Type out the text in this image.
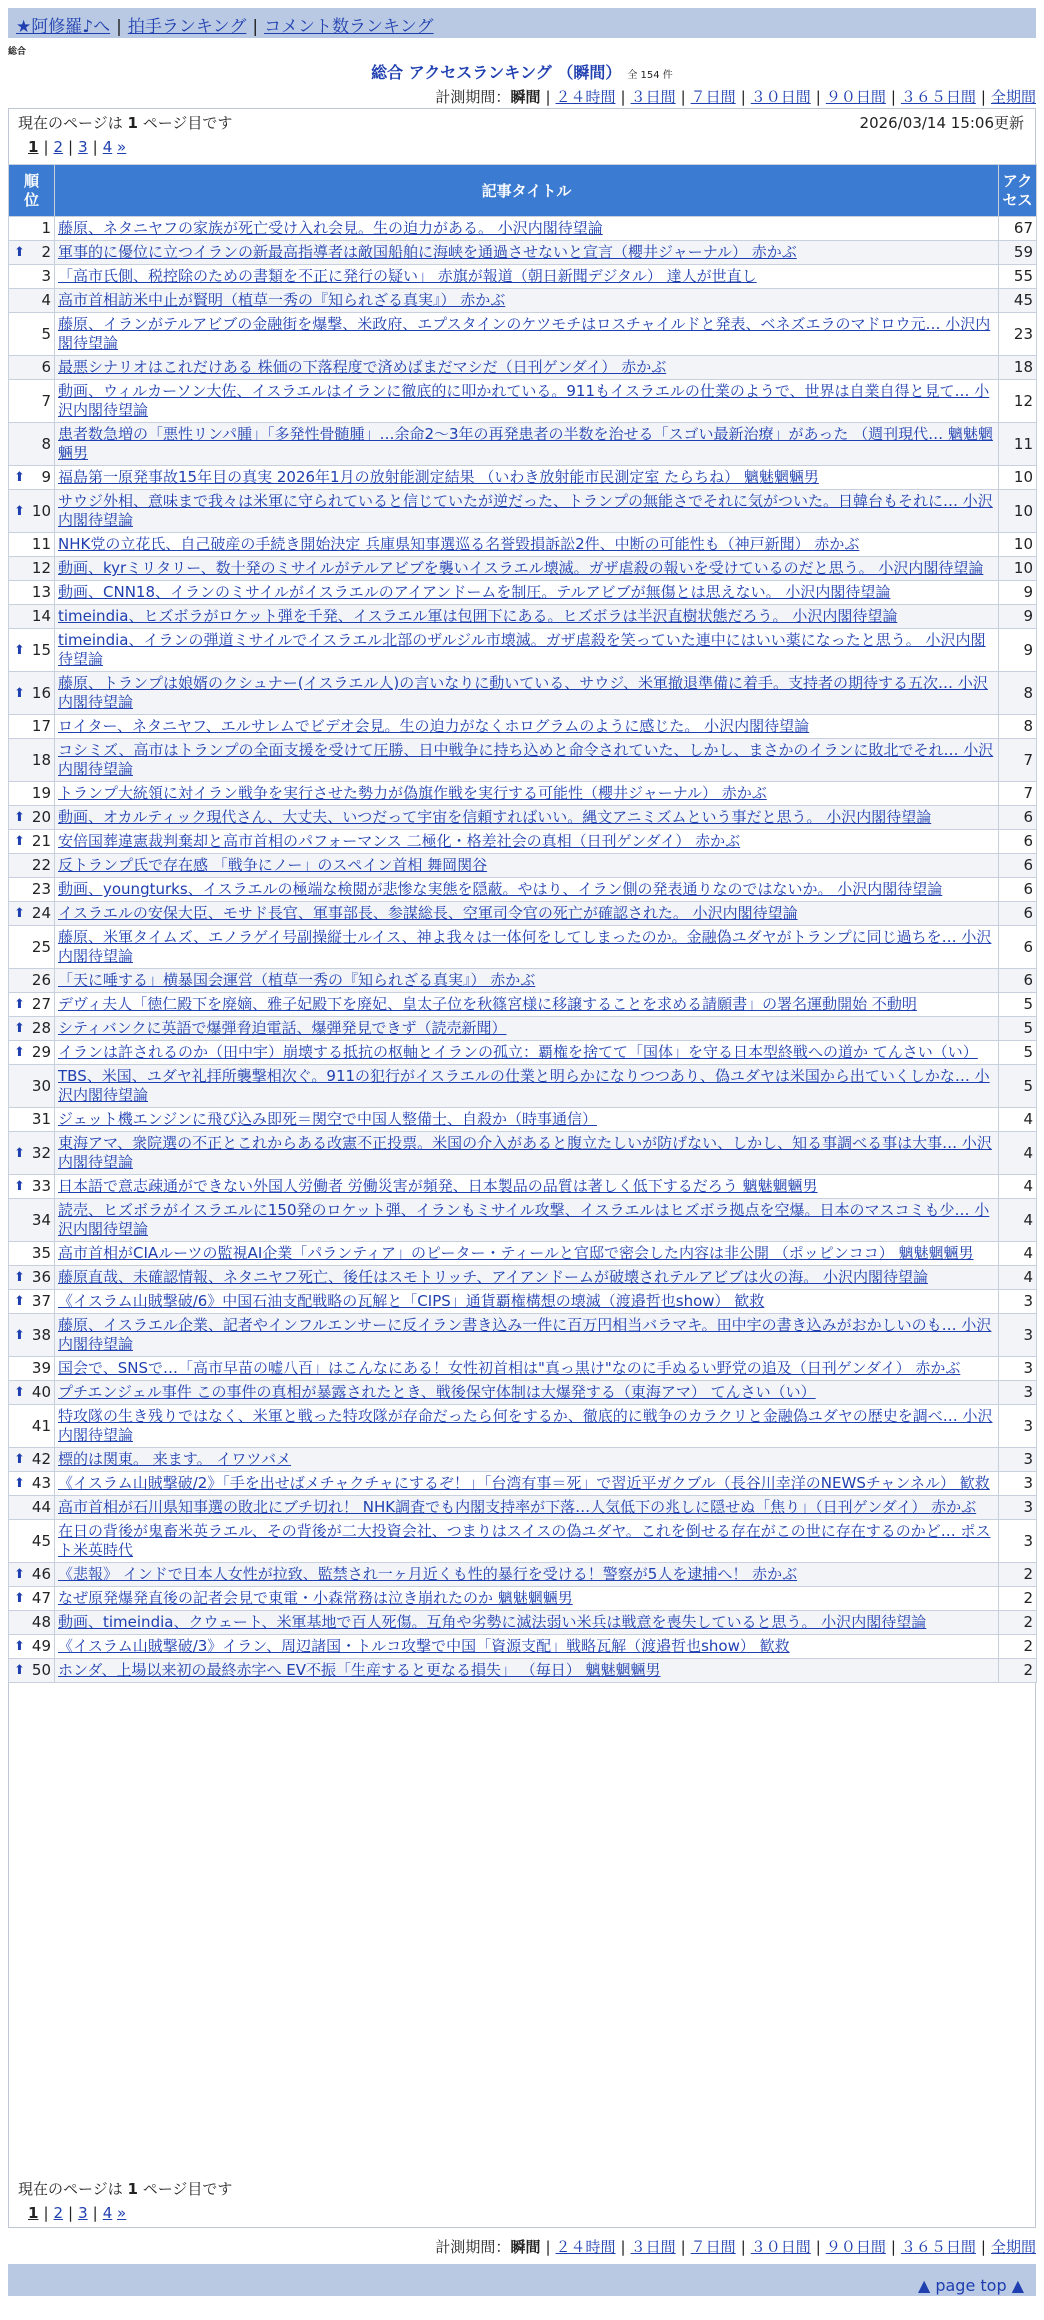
★阿修羅♪へ | 拍手ランキング | コメント数ランキング
総合
総合 アクセスランキング （瞬間） 全 154 件
計測期間：瞬間 | ２４時間 | ３日間 | ７日間 | ３０日間 | ９０日間 | ３６５日間 | 全期間
現在のページは 1 ページ目です	2026/03/14 15:06更新
1 | 2 | 3 | 4 »
順位	記事タイトル	アクセス
1	藤原、ネタニヤフの家族が死亡受け入れ会見。生の迫力がある。 小沢内閣待望論	67

⬆ 2	軍事的に優位に立つイランの新最高指導者は敵国船舶に海峡を通過させないと宣言（櫻井ジャーナル） 赤かぶ	59
3	「高市氏側、税控除のための書類を不正に発行の疑い」 赤旗が報道（朝日新聞デジタル） 達人が世直し	55
4	高市首相訪米中止が賢明（植草一秀の『知られざる真実』） 赤かぶ	45
5	藤原、イランがテルアビブの金融街を爆撃、米政府、エプスタインのケツモチはロスチャイルドと発表、ベネズエラのマドロウ元… 小沢内閣待望論	23
6	最悪シナリオはこれだけある 株価の下落程度で済めばまだマシだ（日刊ゲンダイ） 赤かぶ	18
7	動画、ウィルカーソン大佐、イスラエルはイランに徹底的に叩かれている。911もイスラエルの仕業のようで、世界は自業自得と見て… 小沢内閣待望論	12
8	患者数急増の「悪性リンパ腫」「多発性骨髄腫」…余命2〜3年の再発患者の半数を治せる「スゴい最新治療」があった （週刊現代… 魑魅魍魎男	11

⬆ 9	福島第一原発事故15年目の真実 2026年1月の放射能測定結果 （いわき放射能市民測定室 たらちね） 魑魅魍魎男	10

⬆ 10	サウジ外相、意味まで我々は米軍に守られていると信じていたが逆だった、トランプの無能さでそれに気がついた。日韓台もそれに… 小沢内閣待望論	10
11	NHK党の立花氏、自己破産の手続き開始決定 兵庫県知事選巡る名誉毀損訴訟2件、中断の可能性も（神戸新聞） 赤かぶ	10
12	動画、kyrミリタリー、数十発のミサイルがテルアビブを襲いイスラエル壊滅。ガザ虐殺の報いを受けているのだと思う。 小沢内閣待望論	10
13	動画、CNN18、イランのミサイルがイスラエルのアイアンドームを制圧。テルアビブが無傷とは思えない。 小沢内閣待望論	9
14	timeindia、ヒズボラがロケット弾を千発、イスラエル軍は包囲下にある。ヒズボラは半沢直樹状態だろう。 小沢内閣待望論	9

⬆ 15	timeindia、イランの弾道ミサイルでイスラエル北部のザルジル市壊滅。ガザ虐殺を笑っていた連中にはいい薬になったと思う。 小沢内閣待望論	9

⬆ 16	藤原、トランプは娘婿のクシュナー(イスラエル人)の言いなりに動いている、サウジ、米軍撤退準備に着手。支持者の期待する五次… 小沢内閣待望論	8
17	ロイター、ネタニヤフ、エルサレムでビデオ会見。生の迫力がなくホログラムのように感じた。 小沢内閣待望論	8
18	コシミズ、高市はトランプの全面支援を受けて圧勝、日中戦争に持ち込めと命令されていた、しかし、まさかのイランに敗北でそれ… 小沢内閣待望論	7
19	トランプ大統領に対イラン戦争を実行させた勢力が偽旗作戦を実行する可能性（櫻井ジャーナル） 赤かぶ	7

⬆ 20	動画、オカルティック現代さん、大丈夫、いつだって宇宙を信頼すればいい。縄文アニミズムという事だと思う。 小沢内閣待望論	6

⬆ 21	安倍国葬違憲裁判棄却と高市首相のパフォーマンス 二極化・格差社会の真相（日刊ゲンダイ） 赤かぶ	6
22	反トランプ氏で存在感 「戦争にノー」のスペイン首相 舞岡関谷	6
23	動画、youngturks、イスラエルの極端な検閲が悲惨な実態を隠蔽。やはり、イラン側の発表通りなのではないか。 小沢内閣待望論	6

⬆ 24	イスラエルの安保大臣、モサド長官、軍事部長、参謀総長、空軍司令官の死亡が確認された。 小沢内閣待望論	6
25	藤原、米軍タイムズ、エノラゲイ号副操縦士ルイス、神よ我々は一体何をしてしまったのか。金融偽ユダヤがトランプに同じ過ちを… 小沢内閣待望論	6
26	「天に唾する」横暴国会運営（植草一秀の『知られざる真実』） 赤かぶ	6

⬆ 27	デヴィ夫人「徳仁殿下を廃嫡、雅子妃殿下を廃妃、皇太子位を秋篠宮様に移譲することを求める請願書」の署名運動開始 不動明	5

⬆ 28	シティバンクに英語で爆弾脅迫電話、爆弾発見できず（読売新聞）	5

⬆ 29	イランは許されるのか（田中宇）崩壊する抵抗の枢軸とイランの孤立：覇権を捨てて「国体」を守る日本型終戦への道か てんさい（い）	5
30	TBS、米国、ユダヤ礼拝所襲撃相次ぐ。911の犯行がイスラエルの仕業と明らかになりつつあり、偽ユダヤは米国から出ていくしかな… 小沢内閣待望論	5
31	ジェット機エンジンに飛び込み即死＝関空で中国人整備士、自殺か（時事通信）	4

⬆ 32	東海アマ、衆院選の不正とこれからある改憲不正投票。米国の介入があると腹立たしいが防げない、しかし、知る事調べる事は大事… 小沢内閣待望論	4

⬆ 33	日本語で意志疎通ができない外国人労働者 労働災害が頻発、日本製品の品質は著しく低下するだろう 魑魅魍魎男	4
34	読売、ヒズボラがイスラエルに150発のロケット弾、イランもミサイル攻撃、イスラエルはヒズボラ拠点を空爆。日本のマスコミも少… 小沢内閣待望論	4
35	高市首相がCIAルーツの監視AI企業「パランティア」のピーター・ティールと官邸で密会した内容は非公開 （ポッピンココ） 魑魅魍魎男	4

⬆ 36	藤原直哉、未確認情報、ネタニヤフ死亡、後任はスモトリッチ、アイアンドームが破壊されテルアビブは火の海。 小沢内閣待望論	4

⬆ 37	《イスラム山賊撃破/6》中国石油支配戦略の瓦解と「CIPS」通貨覇権構想の壊滅（渡邉哲也show） 歓救	3

⬆ 38	藤原、イスラエル企業、記者やインフルエンサーに反イラン書き込み一件に百万円相当バラマキ。田中宇の書き込みがおかしいのも… 小沢内閣待望論	3
39	国会で、SNSで…「高市早苗の嘘八百」はこんなにある！女性初首相は"真っ黒け"なのに手ぬるい野党の追及（日刊ゲンダイ） 赤かぶ	3

⬆ 40	プチエンジェル事件 この事件の真相が暴露されたとき、戦後保守体制は大爆発する（東海アマ） てんさい（い）	3
41	特攻隊の生き残りではなく、米軍と戦った特攻隊が存命だったら何をするか、徹底的に戦争のカラクリと金融偽ユダヤの歴史を調べ… 小沢内閣待望論	3

⬆ 42	標的は関東。 来ます。 イワツバメ	3

⬆ 43	《イスラム山賊撃破/2》「手を出せばメチャクチャにするぞ！」「台湾有事＝死」で習近平ガクブル（長谷川幸洋のNEWSチャンネル） 歓救	3
44	高市首相が石川県知事選の敗北にブチ切れ！ NHK調査でも内閣支持率が下落…人気低下の兆しに隠せぬ「焦り」（日刊ゲンダイ） 赤かぶ	3
45	在日の背後が鬼畜米英ラエル、その背後が二大投資会社、つまりはスイスの偽ユダヤ。これを倒せる存在がこの世に存在するのかど… ポスト米英時代	3

⬆ 46	《悲報》 インドで日本人女性が拉致、監禁され一ヶ月近くも性的暴行を受ける！警察が5人を逮捕へ！ 赤かぶ	2

⬆ 47	なぜ原発爆発直後の記者会見で東電・小森常務は泣き崩れたのか 魑魅魍魎男	2
48	動画、timeindia、クウェート、米軍基地で百人死傷。互角や劣勢に滅法弱い米兵は戦意を喪失していると思う。 小沢内閣待望論	2

⬆ 49	《イスラム山賊撃破/3》イラン、周辺諸国・トルコ攻撃で中国「資源支配」戦略瓦解（渡邉哲也show） 歓救	2

⬆ 50	ホンダ、上場以来初の最終赤字へ EV不振「生産すると更なる損失」 （毎日） 魑魅魍魎男	2
現在のページは 1 ページ目です
1 | 2 | 3 | 4 »
計測期間：瞬間 | ２４時間 | ３日間 | ７日間 | ３０日間 | ９０日間 | ３６５日間 | 全期間
▲ page top ▲
